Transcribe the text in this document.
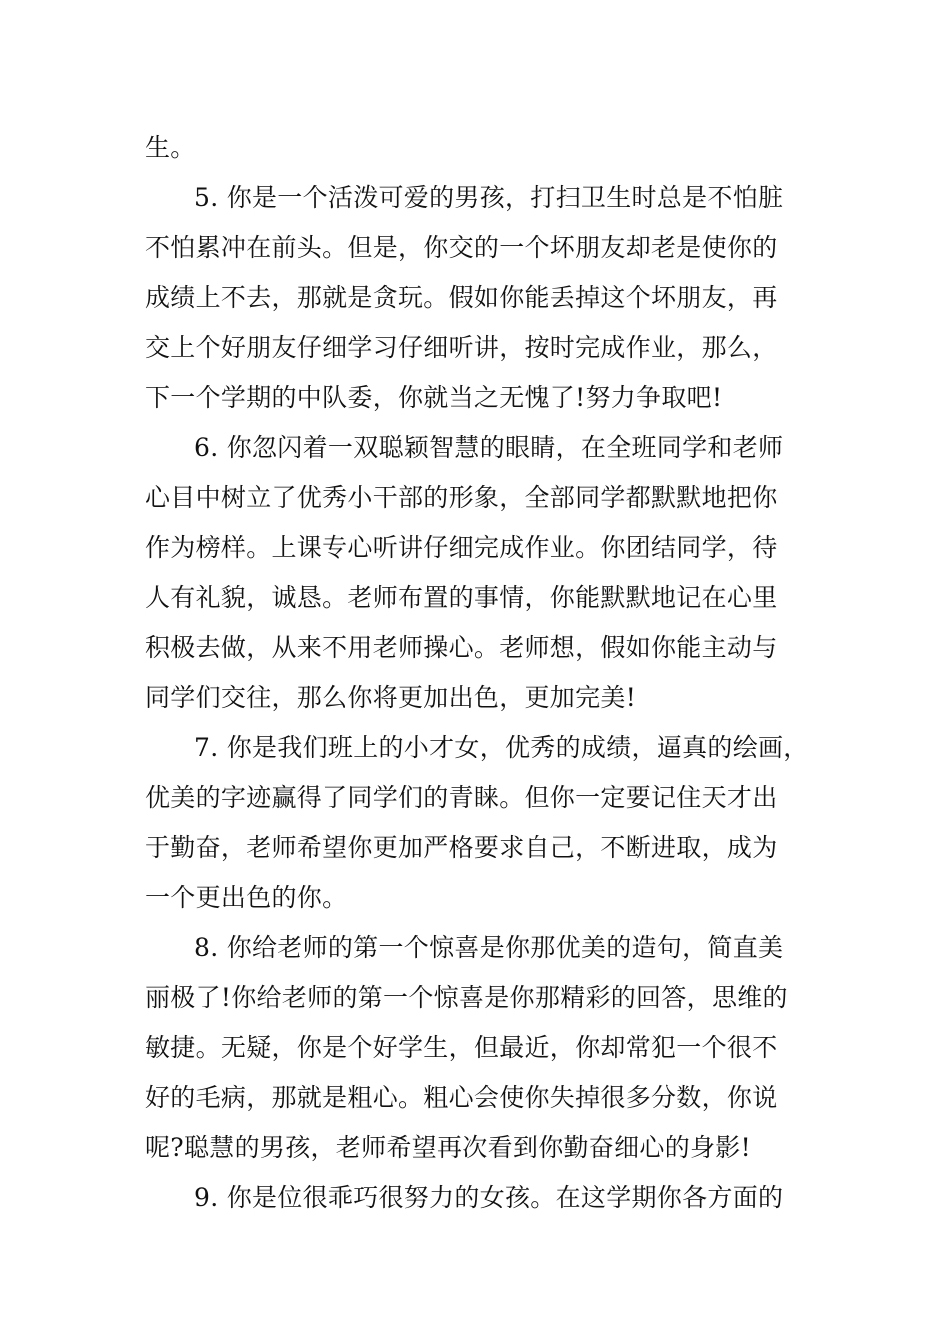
生。
5. 你是一个活泼可爱的男孩，打扫卫生时总是不怕脏
不怕累冲在前头。但是，你交的一个坏朋友却老是使你的
成绩上不去，那就是贪玩。假如你能丢掉这个坏朋友，再
交上个好朋友仔细学习仔细听讲，按时完成作业，那么，
下一个学期的中队委，你就当之无愧了!努力争取吧!
6. 你忽闪着一双聪颖智慧的眼睛，在全班同学和老师
心目中树立了优秀小干部的形象，全部同学都默默地把你
作为榜样。上课专心听讲仔细完成作业。你团结同学，待
人有礼貌，诚恳。老师布置的事情，你能默默地记在心里
积极去做，从来不用老师操心。老师想，假如你能主动与
同学们交往，那么你将更加出色，更加完美!
7. 你是我们班上的小才女，优秀的成绩，逼真的绘画，
优美的字迹赢得了同学们的青睐。但你一定要记住天才出
于勤奋，老师希望你更加严格要求自己，不断进取，成为
一个更出色的你。
8. 你给老师的第一个惊喜是你那优美的造句，简直美
丽极了!你给老师的第一个惊喜是你那精彩的回答，思维的
敏捷。无疑，你是个好学生，但最近，你却常犯一个很不
好的毛病，那就是粗心。粗心会使你失掉很多分数，你说
呢?聪慧的男孩，老师希望再次看到你勤奋细心的身影!
9. 你是位很乖巧很努力的女孩。在这学期你各方面的
